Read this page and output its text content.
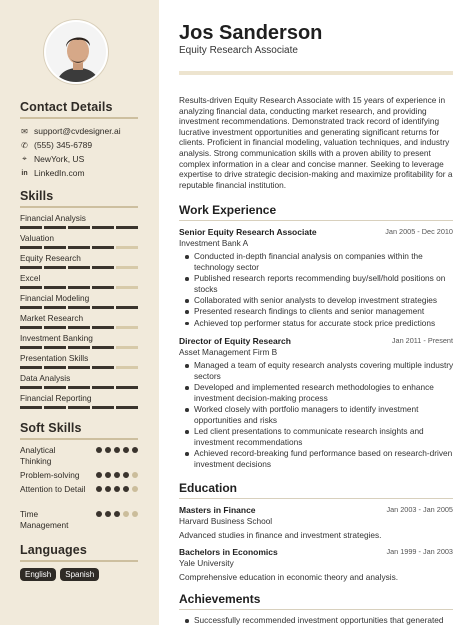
Contact Details
✉ support@cvdesigner.ai
✆ (555) 345-6789
⌖ NewYork, US
in LinkedIn.com
Skills
Financial Analysis
Valuation
Equity Research
Excel
Financial Modeling
Market Research
Investment Banking
Presentation Skills
Data Analysis
Financial Reporting
Soft Skills
Analytical Thinking
Problem-solving
Attention to Detail
Time Management
Languages
English	Spanish
Jos Sanderson
Equity Research Associate
Results-driven Equity Research Associate with 15 years of experience in analyzing financial data, conducting market research, and providing investment recommendations. Demonstrated track record of identifying lucrative investment opportunities and generating significant returns for clients. Proficient in financial modeling, valuation techniques, and industry analysis. Strong communication skills with a proven ability to present complex information in a clear and concise manner. Seeking to leverage expertise to drive strategic decision-making and maximize profitability for a reputable financial institution.
Work Experience
Senior Equity Research Associate	Jan 2005 - Dec 2010
Investment Bank A
Conducted in-depth financial analysis on companies within the technology sector
Published research reports recommending buy/sell/hold positions on stocks
Collaborated with senior analysts to develop investment strategies
Presented research findings to clients and senior management
Achieved top performer status for accurate stock price predictions
Director of Equity Research	Jan 2011 - Present
Asset Management Firm B
Managed a team of equity research analysts covering multiple industry sectors
Developed and implemented research methodologies to enhance investment decision-making process
Worked closely with portfolio managers to identify investment opportunities and risks
Led client presentations to communicate research insights and investment recommendations
Achieved record-breaking fund performance based on research-driven investment decisions
Education
Masters in Finance	Jan 2003 - Jan 2005
Harvard Business School
Advanced studies in finance and investment strategies.
Bachelors in Economics	Jan 1999 - Jan 2003
Yale University
Comprehensive education in economic theory and analysis.
Achievements
Successfully recommended investment opportunities that generated
